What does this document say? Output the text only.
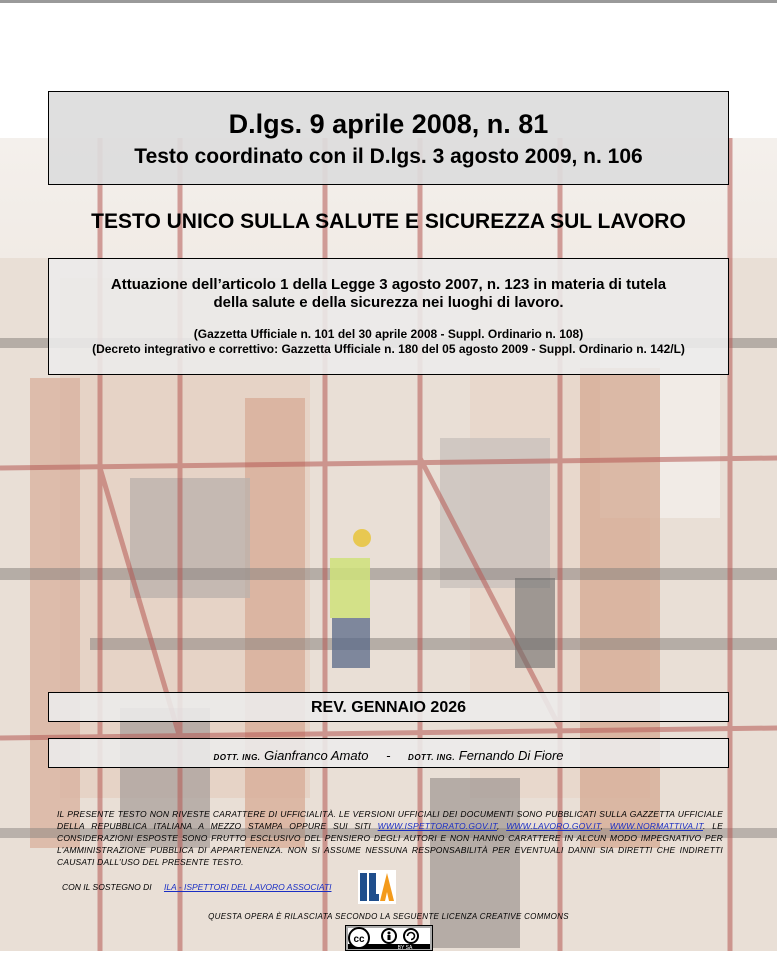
D.lgs. 9 aprile 2008, n. 81
Testo coordinato con il D.lgs. 3 agosto 2009, n. 106
TESTO UNICO SULLA SALUTE E SICUREZZA SUL LAVORO
Attuazione dell’articolo 1 della Legge 3 agosto 2007, n. 123 in materia di tutela
della salute e della sicurezza nei luoghi di lavoro.
(Gazzetta Ufficiale n. 101 del 30 aprile 2008 - Suppl. Ordinario n. 108)
(Decreto integrativo e correttivo: Gazzetta Ufficiale n. 180 del 05 agosto 2009 - Suppl. Ordinario n. 142/L)
REV. GENNAIO 2026
DOTT. ING. Gianfranco Amato - DOTT. ING. Fernando Di Fiore
IL PRESENTE TESTO NON RIVESTE CARATTERE DI UFFICIALITÀ. LE VERSIONI UFFICIALI DEI DOCUMENTI SONO PUBBLICATI SULLA GAZZETTA UFFICIALE DELLA REPUBBLICA ITALIANA A MEZZO STAMPA OPPURE SUI SITI WWW.ISPETTORATO.GOV.IT, WWW.LAVORO.GOV.IT, WWW.NORMATTIVA.IT. LE CONSIDERAZIONI ESPOSTE SONO FRUTTO ESCLUSIVO DEL PENSIERO DEGLI AUTORI E NON HANNO CARATTERE IN ALCUN MODO IMPEGNATIVO PER L’AMMINISTRAZIONE PUBBLICA DI APPARTENENZA. NON SI ASSUME NESSUNA RESPONSABILITÀ PER EVENTUALI DANNI SIA DIRETTI CHE INDIRETTI CAUSATI DALL’USO DEL PRESENTE TESTO.
CON IL SOSTEGNO DI ILA - ISPETTORI DEL LAVORO ASSOCIATI
QUESTA OPERA È RILASCIATA SECONDO LA SEGUENTE LICENZA CREATIVE COMMONS
cc
BY SA
